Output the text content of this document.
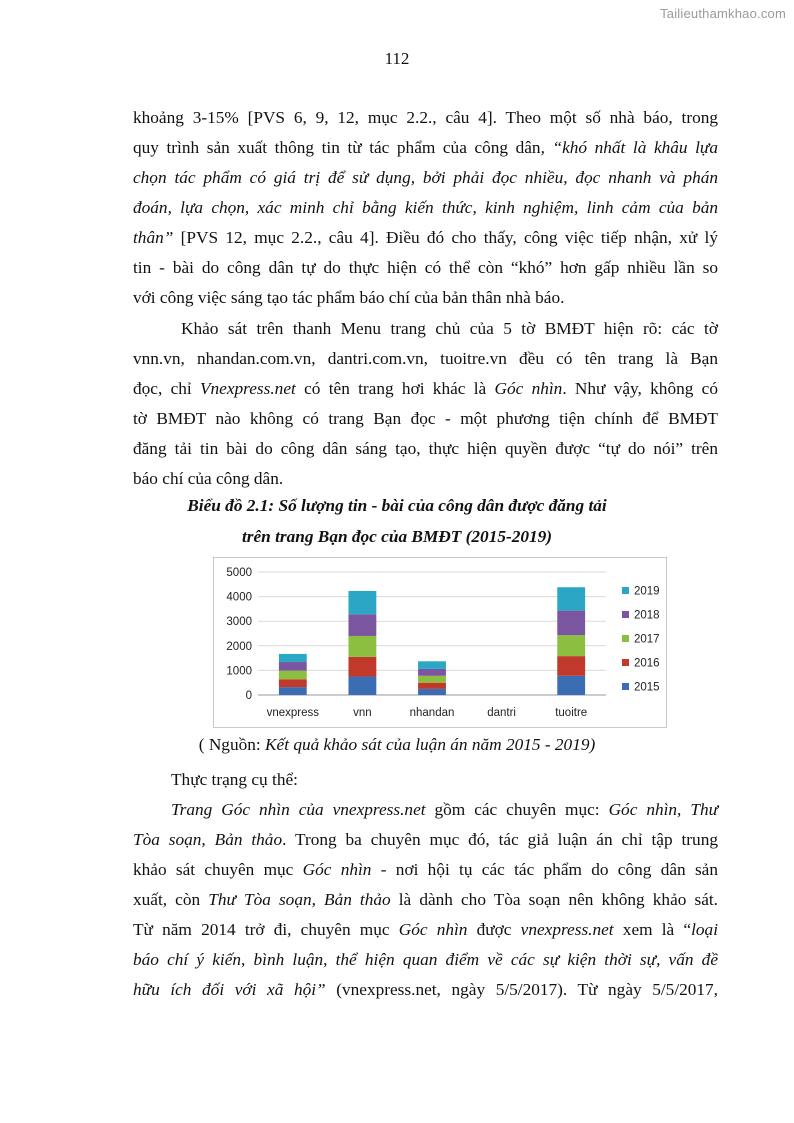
Tailieuthamkhao.com
112
khoảng 3-15% [PVS 6, 9, 12, mục 2.2., câu 4]. Theo một số nhà báo, trong
quy trình sản xuất thông tin từ tác phẩm của công dân, “khó nhất là khâu lựa
chọn tác phẩm có giá trị để sử dụng, bởi phải đọc nhiều, đọc nhanh và phán
đoán, lựa chọn, xác minh chỉ bằng kiến thức, kinh nghiệm, linh cảm của bản
thân” [PVS 12, mục 2.2., câu 4]. Điều đó cho thấy, công việc tiếp nhận, xử lý
tin - bài do công dân tự do thực hiện có thể còn “khó” hơn gấp nhiều lần so
với công việc sáng tạo tác phẩm báo chí của bản thân nhà báo.
Khảo sát trên thanh Menu trang chủ của 5 tờ BMĐT hiện rõ: các tờ
vnn.vn, nhandan.com.vn, dantri.com.vn, tuoitre.vn đều có tên trang là Bạn
đọc, chỉ Vnexpress.net có tên trang hơi khác là Góc nhìn. Như vậy, không có
tờ BMĐT nào không có trang Bạn đọc - một phương tiện chính để BMĐT
đăng tải tin bài do công dân sáng tạo, thực hiện quyền được “tự do nói” trên
báo chí của công dân.
Biểu đồ 2.1: Số lượng tin - bài của công dân được đăng tải
trên trang Bạn đọc của BMĐT (2015-2019)
0
1000
2000
3000
4000
5000
vnexpress	vnn	nhandan	dantri	tuoitre
2019
2018
2017
2016
2015
( Nguồn: Kết quả khảo sát của luận án năm 2015 - 2019)
Thực trạng cụ thể:
Trang Góc nhìn của vnexpress.net gồm các chuyên mục: Góc nhìn, Thư
Tòa soạn, Bản thảo. Trong ba chuyên mục đó, tác giả luận án chỉ tập trung
khảo sát chuyên mục Góc nhìn - nơi hội tụ các tác phẩm do công dân sản
xuất, còn Thư Tòa soạn, Bản thảo là dành cho Tòa soạn nên không khảo sát.
Từ năm 2014 trở đi, chuyên mục Góc nhìn được vnexpress.net xem là “loại
báo chí ý kiến, bình luận, thể hiện quan điểm về các sự kiện thời sự, vấn đề
hữu ích đối với xã hội” (vnexpress.net, ngày 5/5/2017). Từ ngày 5/5/2017,
